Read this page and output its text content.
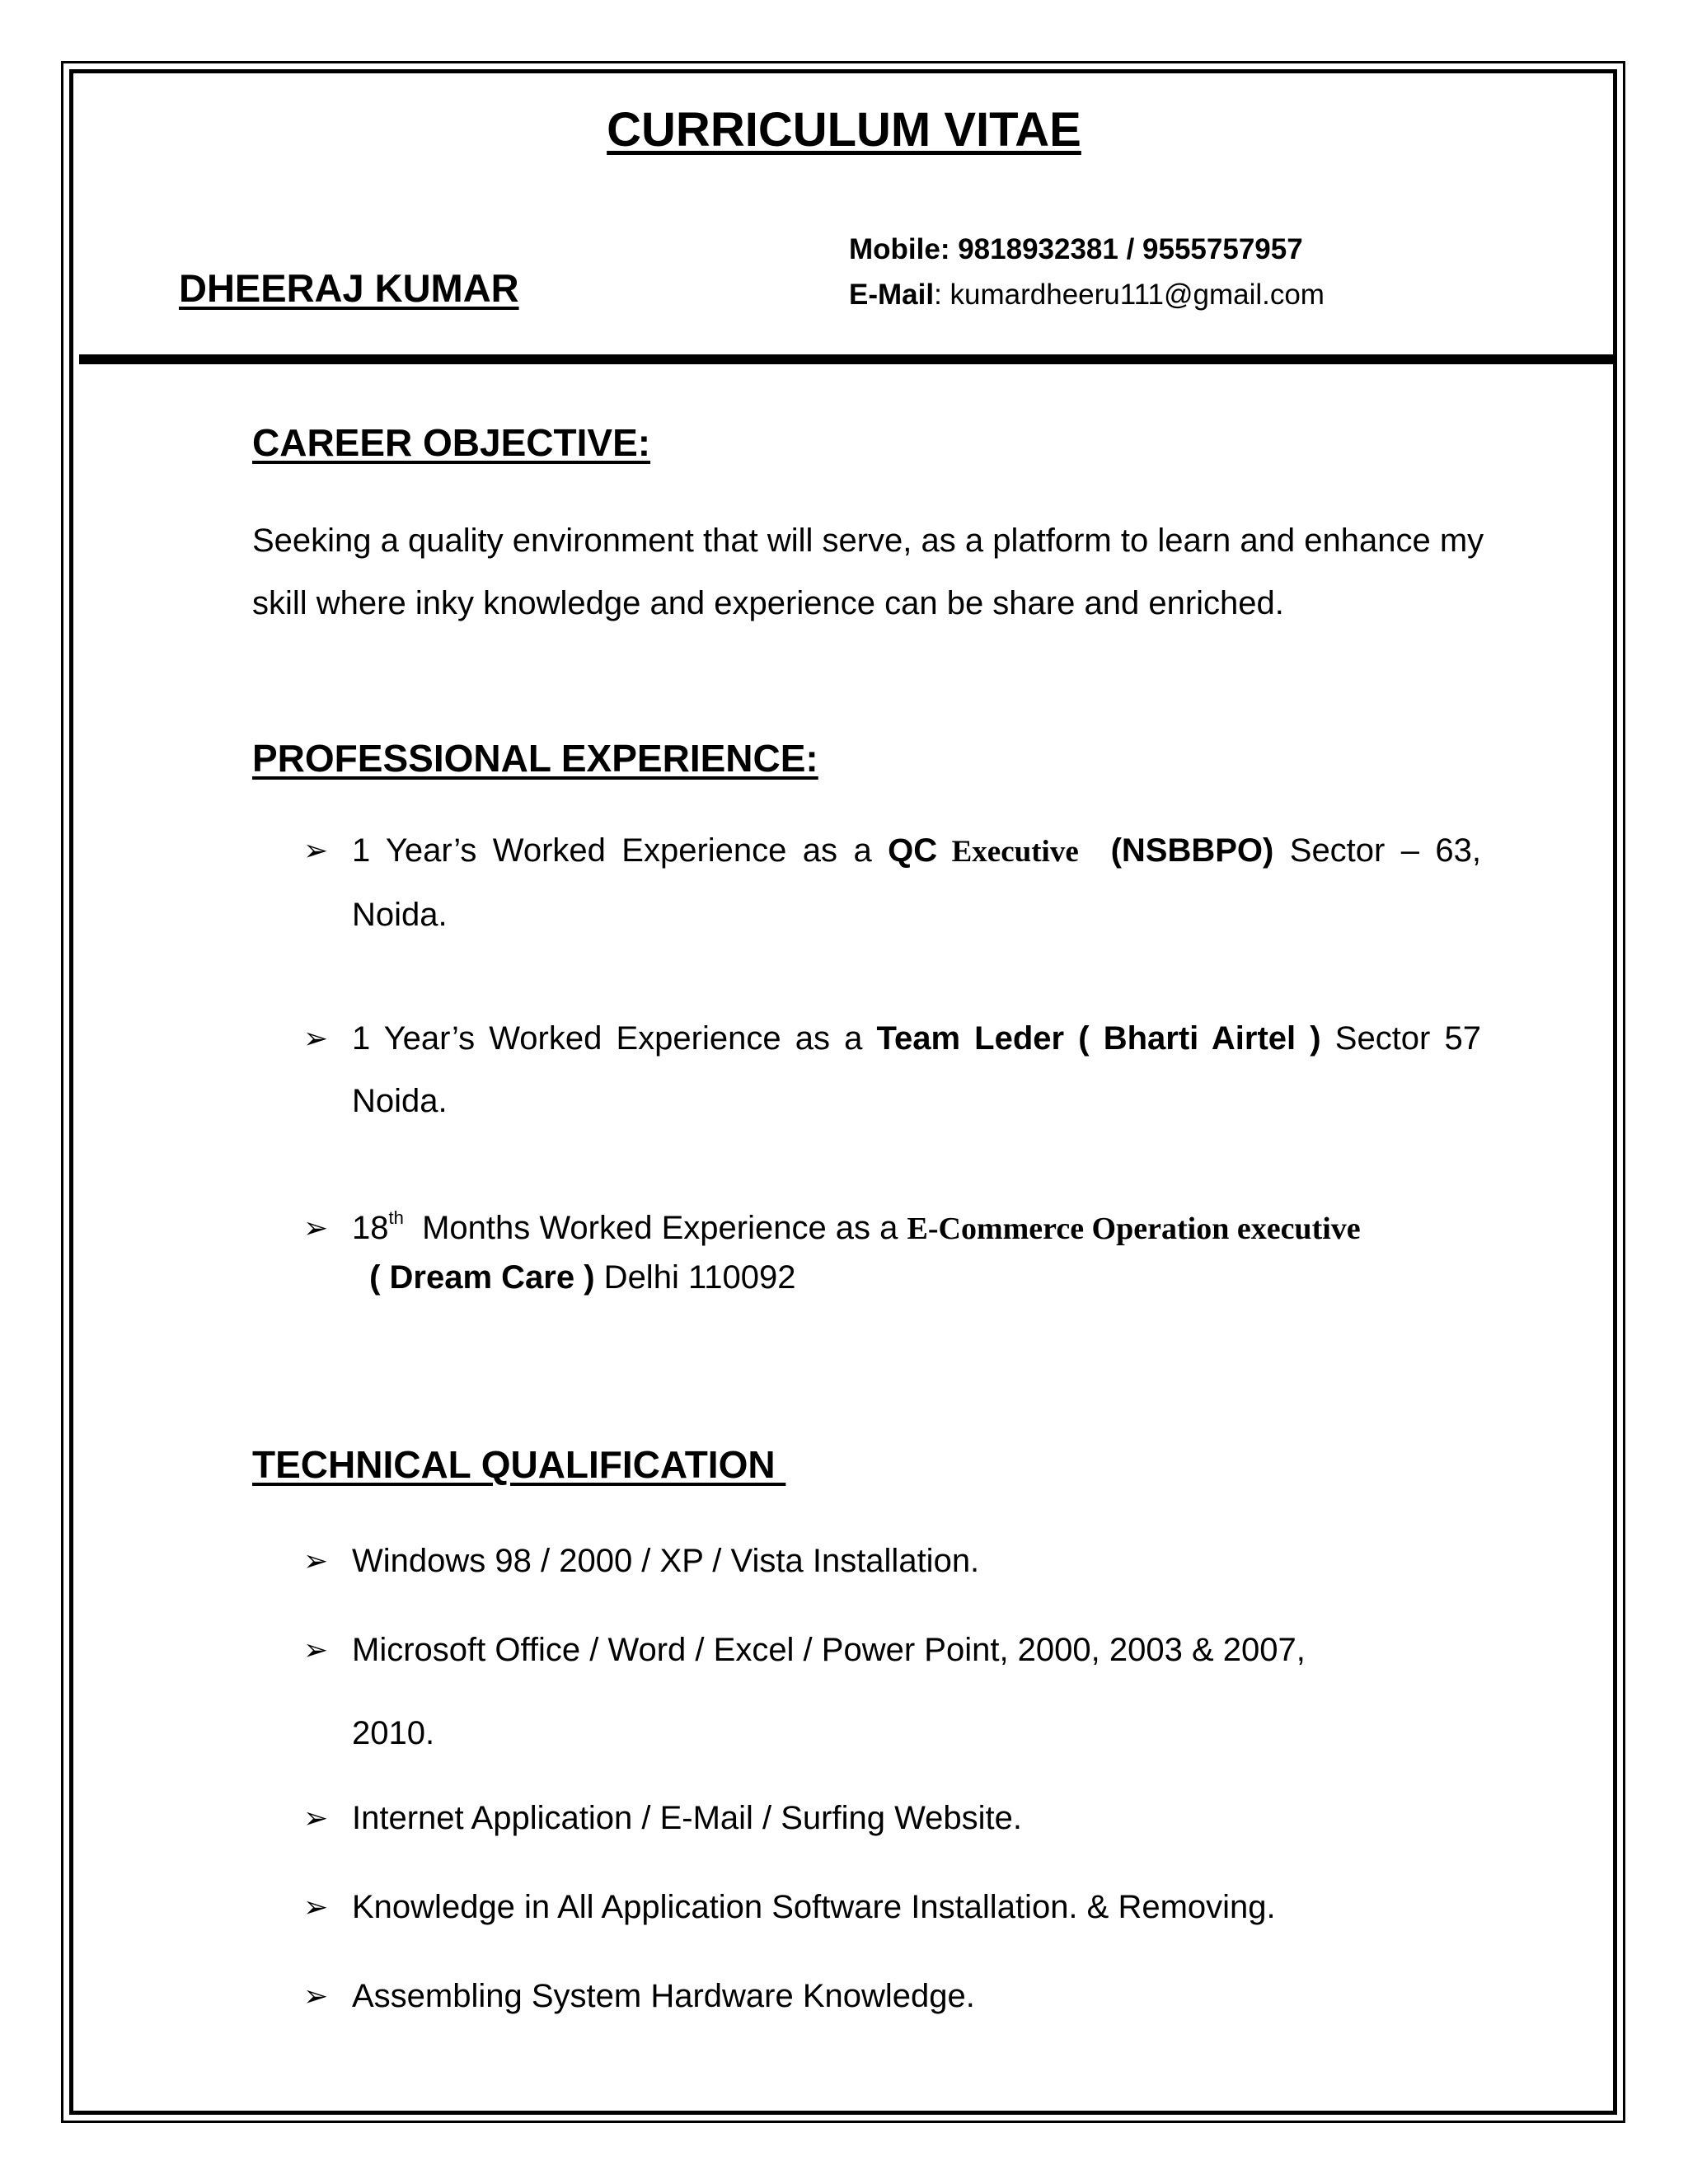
CURRICULUM VITAE
DHEERAJ KUMAR
Mobile: 9818932381 / 9555757957
E-Mail: kumardheeru111@gmail.com
CAREER OBJECTIVE:
Seeking a quality environment that will serve, as a platform to learn and enhance my skill where inky knowledge and experience can be share and enriched.
PROFESSIONAL EXPERIENCE:
➢ 1 Year’s Worked Experience as a QC Executive (NSBBPO) Sector – 63, Noida.
➢ 1 Year’s Worked Experience as a Team Leder ( Bharti Airtel ) Sector 57 Noida.
➢ 18th  Months Worked Experience as a E-Commerce Operation executive
( Dream Care ) Delhi 110092
TECHNICAL QUALIFICATION
➢ Windows 98 / 2000 / XP / Vista Installation.
➢ Microsoft Office / Word / Excel / Power Point, 2000, 2003 & 2007,
2010.
➢ Internet Application / E-Mail / Surfing Website.
➢ Knowledge in All Application Software Installation. & Removing.
➢ Assembling System Hardware Knowledge.
